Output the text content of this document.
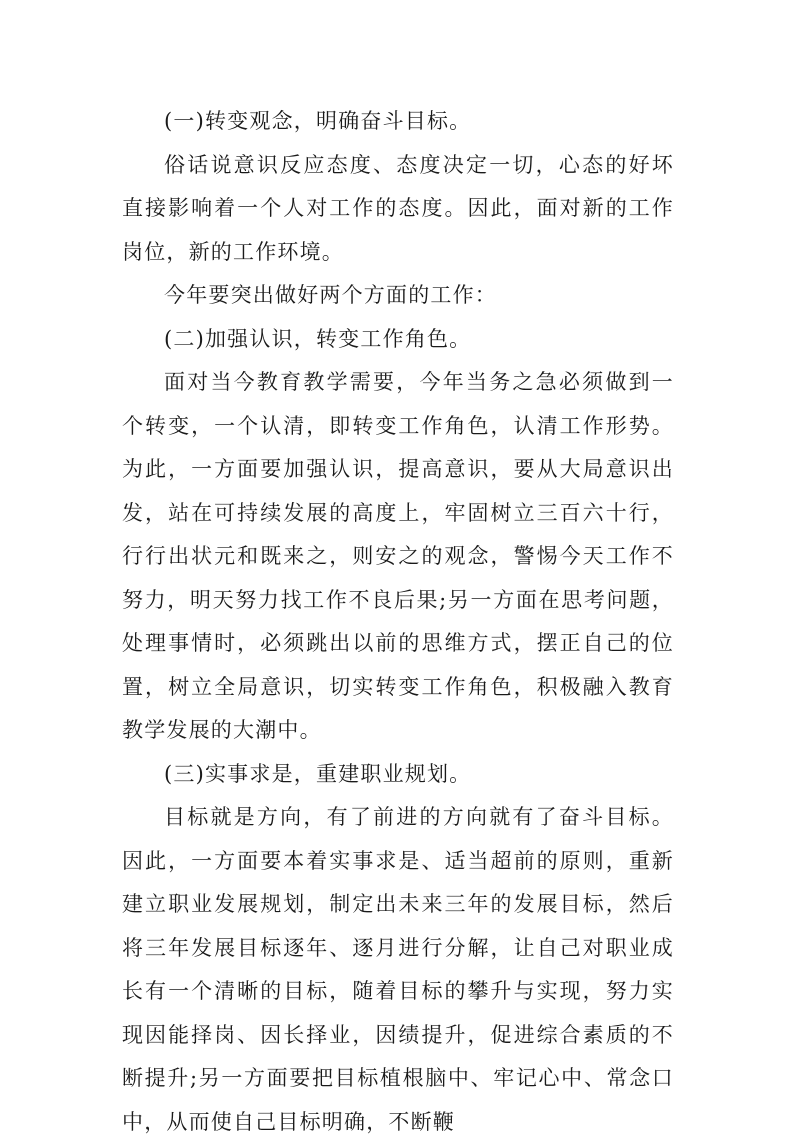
(一)转变观念，明确奋斗目标。

俗话说意识反应态度、态度决定一切，心态的好坏直接影响着一个人对工作的态度。因此，面对新的工作岗位，新的工作环境。

今年要突出做好两个方面的工作：

(二)加强认识，转变工作角色。

面对当今教育教学需要，今年当务之急必须做到一个转变，一个认清，即转变工作角色，认清工作形势。为此，一方面要加强认识，提高意识，要从大局意识出发，站在可持续发展的高度上，牢固树立三百六十行，行行出状元和既来之，则安之的观念，警惕今天工作不努力，明天努力找工作不良后果;另一方面在思考问题，处理事情时，必须跳出以前的思维方式，摆正自己的位置，树立全局意识，切实转变工作角色，积极融入教育教学发展的大潮中。

(三)实事求是，重建职业规划。

目标就是方向，有了前进的方向就有了奋斗目标。因此，一方面要本着实事求是、适当超前的原则，重新建立职业发展规划，制定出未来三年的发展目标，然后将三年发展目标逐年、逐月进行分解，让自己对职业成长有一个清晰的目标，随着目标的攀升与实现，努力实现因能择岗、因长择业，因绩提升，促进综合素质的不断提升;另一方面要把目标植根脑中、牢记心中、常念口中，从而使自己目标明确，不断鞭
